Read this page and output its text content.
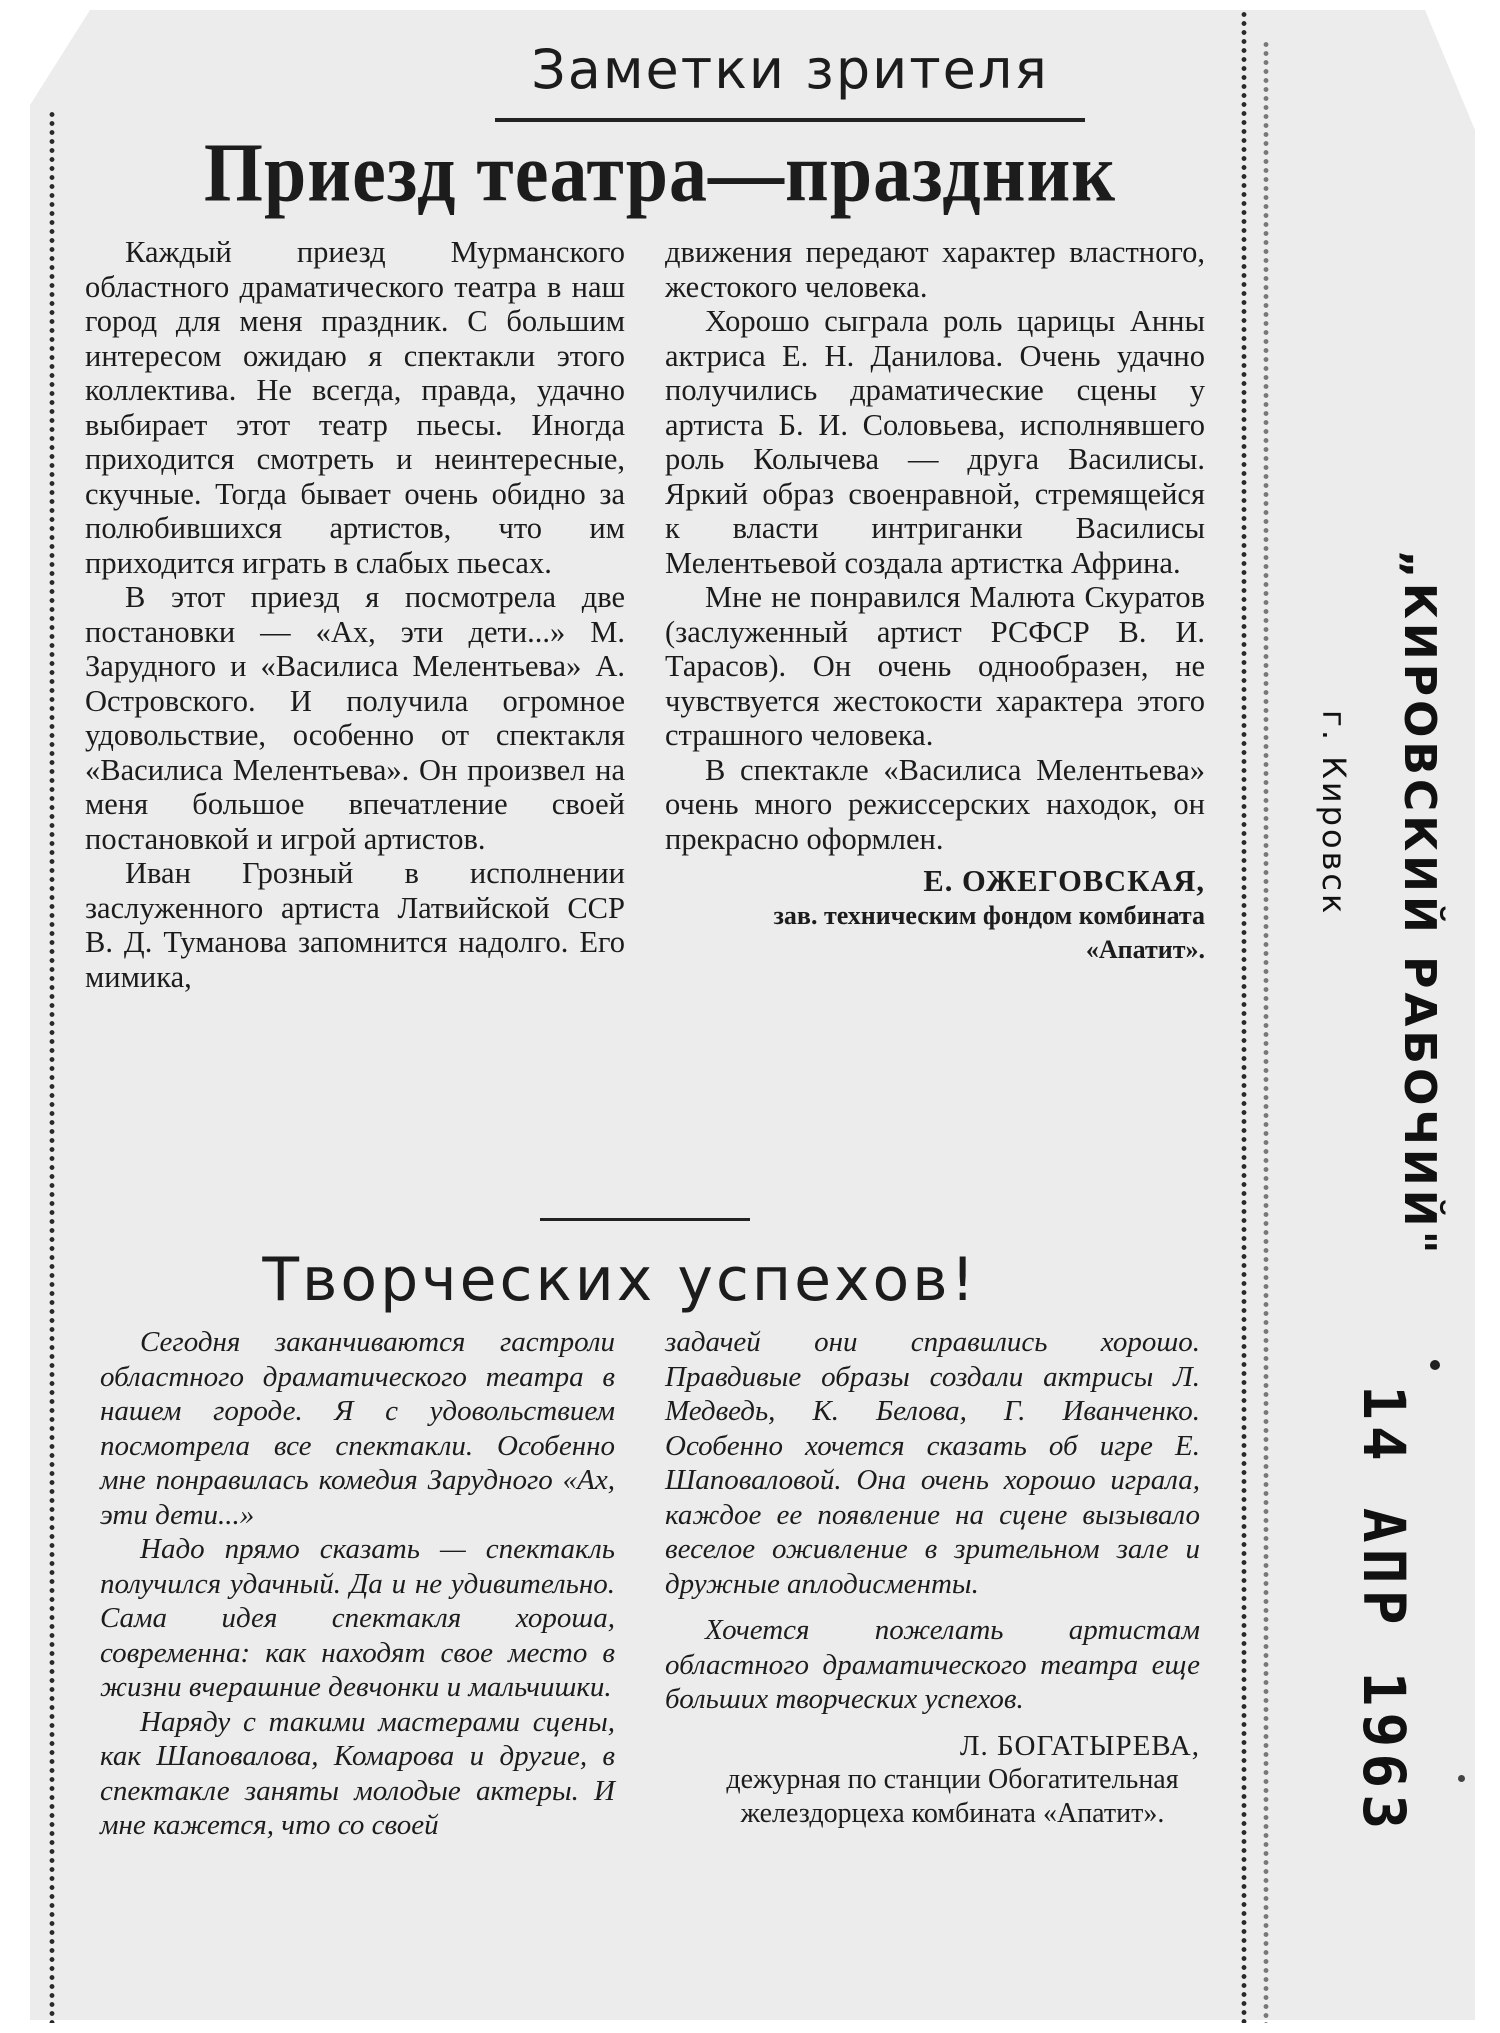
Заметки зрителя
Приезд театра—праздник

Каждый приезд Мурманского областного драматического театра в наш город для меня праздник. С большим интересом ожидаю я спектакли этого коллектива. Не всегда, правда, удачно выбирает этот театр пьесы. Иногда приходится смотреть и неинтересные, скучные. Тогда бывает очень обидно за полюбившихся артистов, что им приходится играть в слабых пьесах.

В этот приезд я посмотрела две постановки — «Ах, эти дети...» М. Зарудного и «Василиса Мелентьева» А. Островского. И получила огромное удовольствие, особенно от спектакля «Василиса Мелентьева». Он произвел на меня большое впечатление своей постановкой и игрой артистов.

Иван Грозный в исполнении заслуженного артиста Латвийской ССР В. Д. Туманова запомнится надолго. Его мимика,

движения передают характер властного, жестокого человека.

Хорошо сыграла роль царицы Анны актриса Е. Н. Данилова. Очень удачно получились драматические сцены у артиста Б. И. Соловьева, исполнявшего роль Колычева — друга Василисы. Яркий образ своенравной, стремящейся к власти интриганки Василисы Мелентьевой создала артистка Африна.

Мне не понравился Малюта Скуратов (заслуженный артист РСФСР В. И. Тарасов). Он очень однообразен, не чувствуется жестокости характера этого страшного человека.

В спектакле «Василиса Мелентьева» очень много режиссерских находок, он прекрасно оформлен.

Е. ОЖЕГОВСКАЯ,
зав. техническим фондом комбината «Апатит».
Творческих успехов!

Сегодня заканчиваются гастроли областного драматического театра в нашем городе. Я с удовольствием посмотрела все спектакли. Особенно мне понравилась комедия Зарудного «Ах, эти дети...»

Надо прямо сказать — спектакль получился удачный. Да и не удивительно. Сама идея спектакля хороша, современна: как находят свое место в жизни вчерашние девчонки и мальчишки.

Наряду с такими мастерами сцены, как Шаповалова, Комарова и другие, в спектакле заняты молодые актеры. И мне кажется, что со своей

задачей они справились хорошо. Правдивые образы создали актрисы Л. Медведь, К. Белова, Г. Иванченко. Особенно хочется сказать об игре Е. Шаповаловой. Она очень хорошо играла, каждое ее появление на сцене вызывало веселое оживление в зрительном зале и дружные аплодисменты.

Хочется пожелать артистам областного драматического театра еще больших творческих успехов.

Л. БОГАТЫРЕВА,
дежурная по станции Обогатительная желездорцеха комбината «Апатит».
„КИРОВСКИЙ РАБОЧИЙ"
г. Кировск
14 АПР 1963
